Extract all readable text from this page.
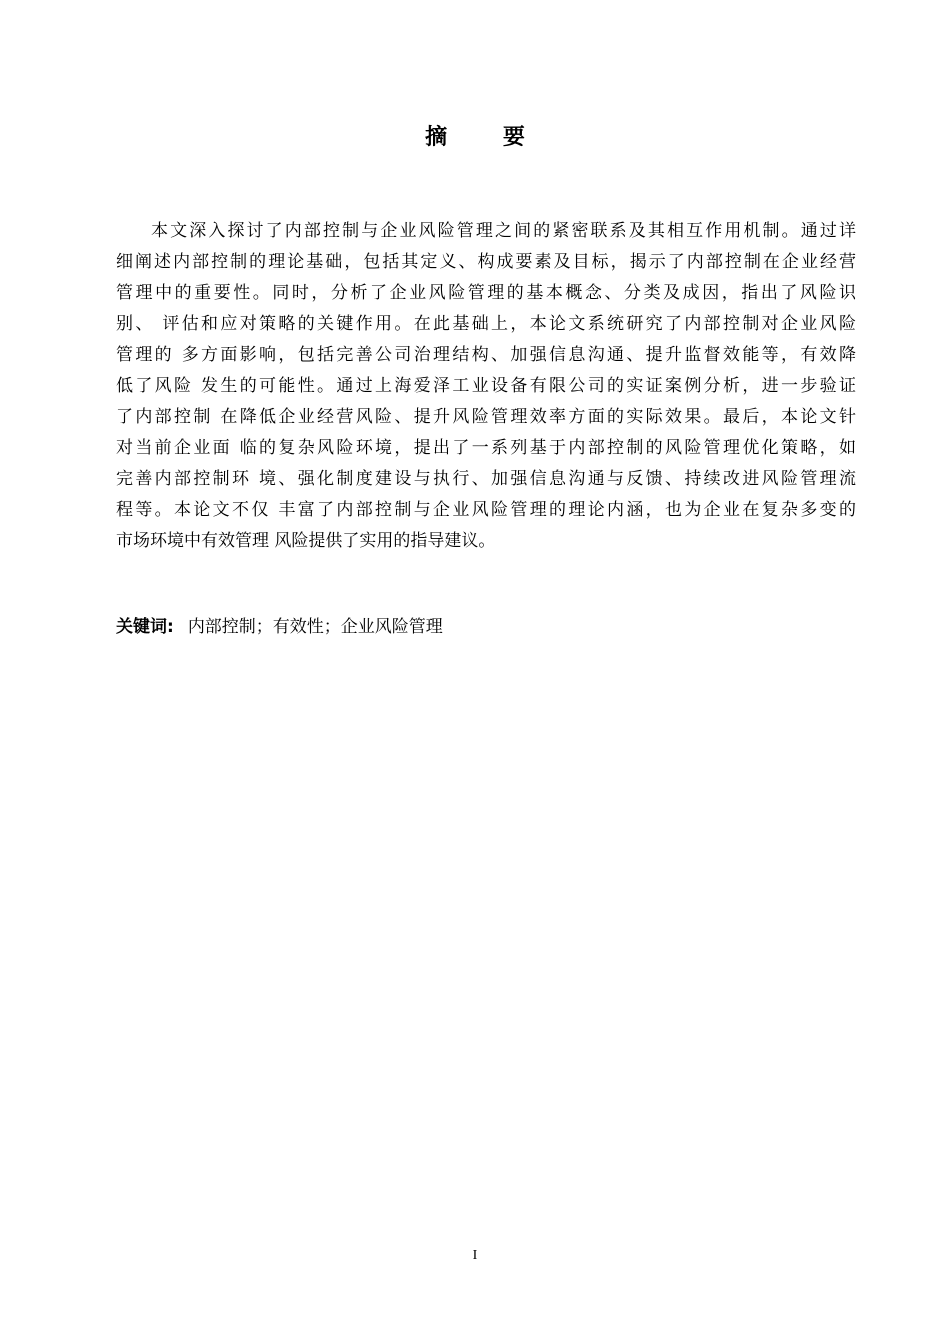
摘 要
本文深入探讨了内部控制与企业风险管理之间的紧密联系及其相互作用机制。通过详
细阐述内部控制的理论基础，包括其定义、构成要素及目标，揭示了内部控制在企业经营
管理中的重要性。同时，分析了企业风险管理的基本概念、分类及成因，指出了风险识
别、 评估和应对策略的关键作用。在此基础上，本论文系统研究了内部控制对企业风险
管理的 多方面影响，包括完善公司治理结构、加强信息沟通、提升监督效能等，有效降
低了风险 发生的可能性。通过上海爱泽工业设备有限公司的实证案例分析，进一步验证
了内部控制 在降低企业经营风险、提升风险管理效率方面的实际效果。最后，本论文针
对当前企业面 临的复杂风险环境，提出了一系列基于内部控制的风险管理优化策略，如
完善内部控制环 境、强化制度建设与执行、加强信息沟通与反馈、持续改进风险管理流
程等。本论文不仅 丰富了内部控制与企业风险管理的理论内涵，也为企业在复杂多变的
市场环境中有效管理 风险提供了实用的指导建议。
关键词: 内部控制；有效性；企业风险管理
I
